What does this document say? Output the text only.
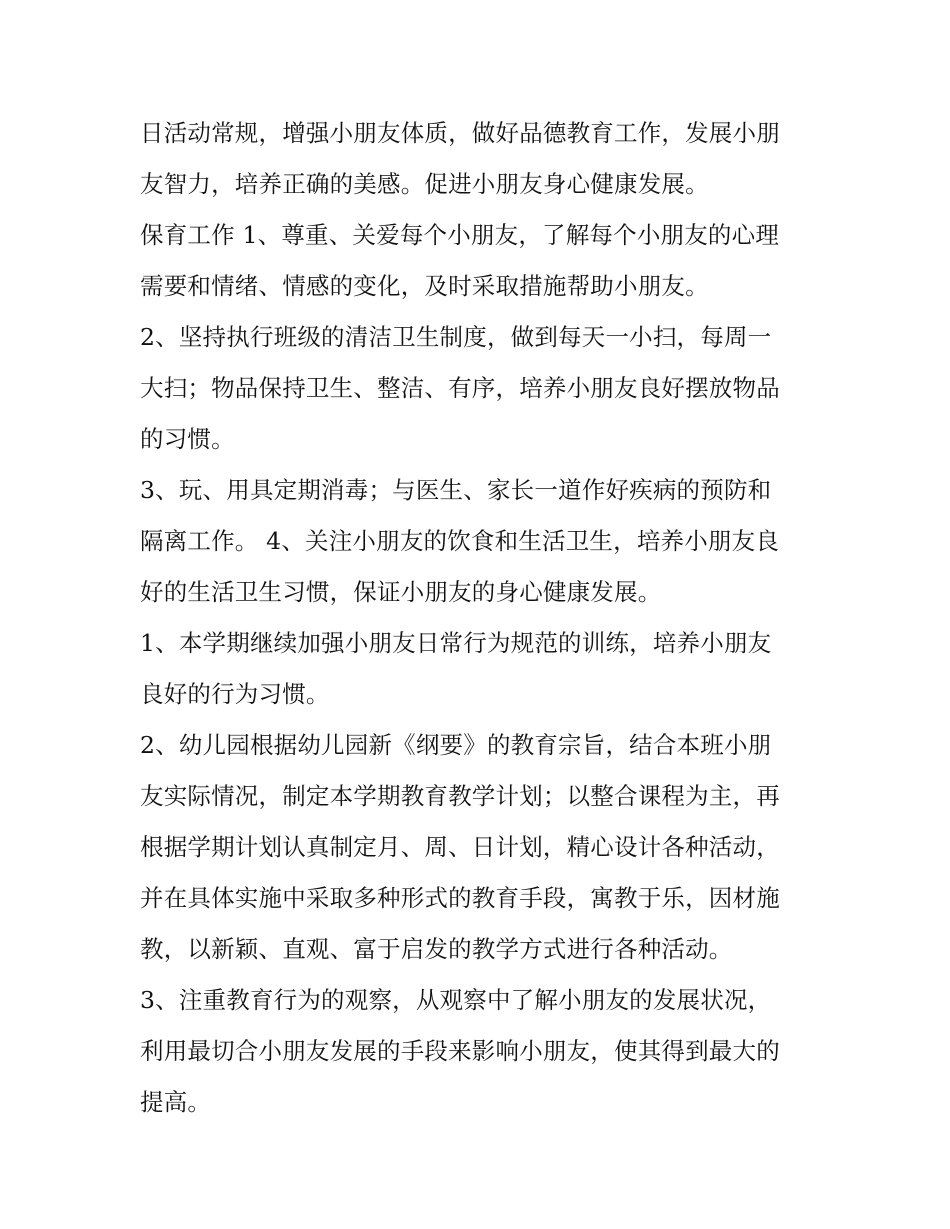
日活动常规，增强小朋友体质，做好品德教育工作，发展小朋
友智力，培养正确的美感。促进小朋友身心健康发展。
保育工作 1、尊重、关爱每个小朋友，了解每个小朋友的心理
需要和情绪、情感的变化，及时采取措施帮助小朋友。
2、坚持执行班级的清洁卫生制度，做到每天一小扫，每周一
大扫；物品保持卫生、整洁、有序，培养小朋友良好摆放物品
的习惯。
3、玩、用具定期消毒；与医生、家长一道作好疾病的预防和
隔离工作。 4、关注小朋友的饮食和生活卫生，培养小朋友良
好的生活卫生习惯，保证小朋友的身心健康发展。
1、本学期继续加强小朋友日常行为规范的训练，培养小朋友
良好的行为习惯。
2、幼儿园根据幼儿园新《纲要》的教育宗旨，结合本班小朋
友实际情况，制定本学期教育教学计划；以整合课程为主，再
根据学期计划认真制定月、周、日计划，精心设计各种活动，
并在具体实施中采取多种形式的教育手段，寓教于乐，因材施
教，以新颖、直观、富于启发的教学方式进行各种活动。
3、注重教育行为的观察，从观察中了解小朋友的发展状况，
利用最切合小朋友发展的手段来影响小朋友，使其得到最大的
提高。
